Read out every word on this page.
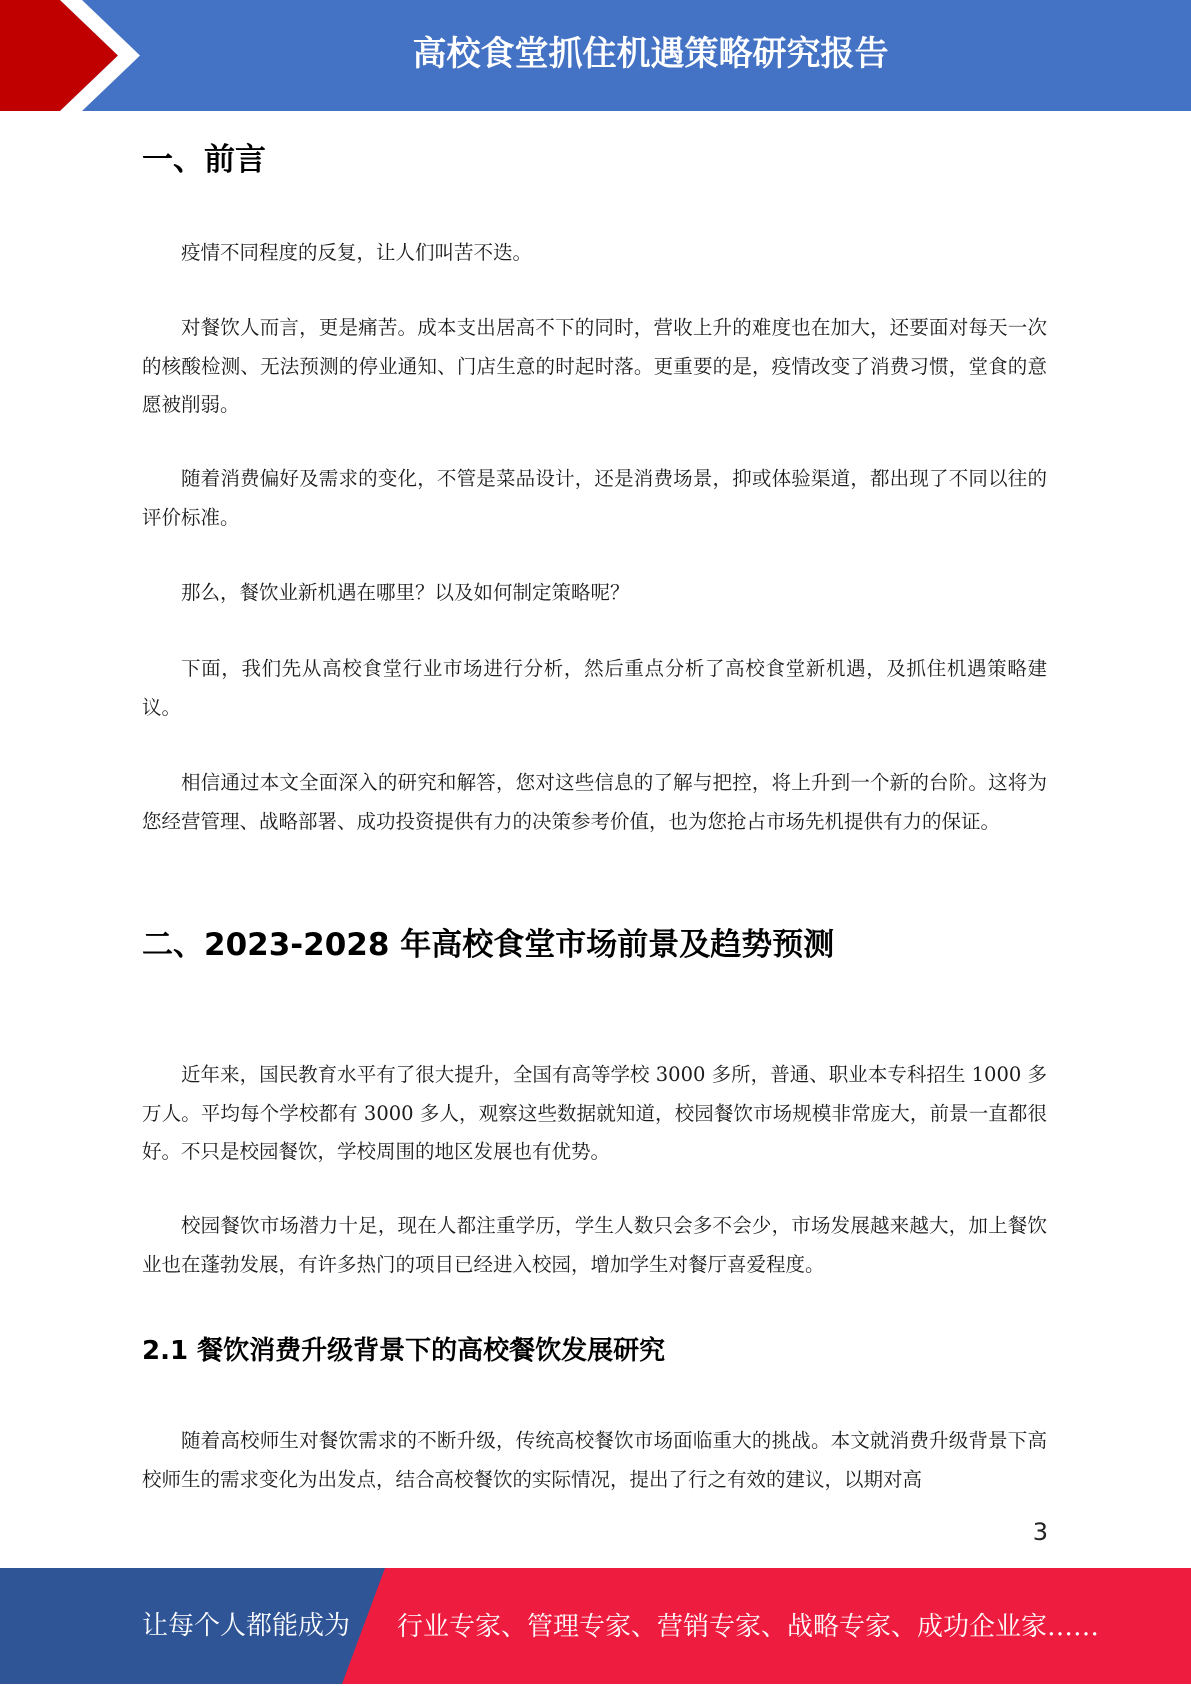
高校食堂抓住机遇策略研究报告
一、前言

疫情不同程度的反复，让人们叫苦不迭。

对餐饮人而言，更是痛苦。成本支出居高不下的同时，营收上升的难度也在加大，还要面对每天一次的核酸检测、无法预测的停业通知、门店生意的时起时落。更重要的是，疫情改变了消费习惯，堂食的意愿被削弱。

随着消费偏好及需求的变化，不管是菜品设计，还是消费场景，抑或体验渠道，都出现了不同以往的评价标准。

那么，餐饮业新机遇在哪里？以及如何制定策略呢？

下面，我们先从高校食堂行业市场进行分析，然后重点分析了高校食堂新机遇，及抓住机遇策略建议。

相信通过本文全面深入的研究和解答，您对这些信息的了解与把控，将上升到一个新的台阶。这将为您经营管理、战略部署、成功投资提供有力的决策参考价值，也为您抢占市场先机提供有力的保证。

二、2023-2028 年高校食堂市场前景及趋势预测

近年来，国民教育水平有了很大提升，全国有高等学校 3000 多所，普通、职业本专科招生 1000 多万人。平均每个学校都有 3000 多人，观察这些数据就知道，校园餐饮市场规模非常庞大，前景一直都很好。不只是校园餐饮，学校周围的地区发展也有优势。

校园餐饮市场潜力十足，现在人都注重学历，学生人数只会多不会少，市场发展越来越大，加上餐饮业也在蓬勃发展，有许多热门的项目已经进入校园，增加学生对餐厅喜爱程度。

2.1 餐饮消费升级背景下的高校餐饮发展研究

随着高校师生对餐饮需求的不断升级，传统高校餐饮市场面临重大的挑战。本文就消费升级背景下高校师生的需求变化为出发点，结合高校餐饮的实际情况，提出了行之有效的建议，以期对高

3
让每个人都能成为 行业专家、管理专家、营销专家、战略专家、成功企业家……
